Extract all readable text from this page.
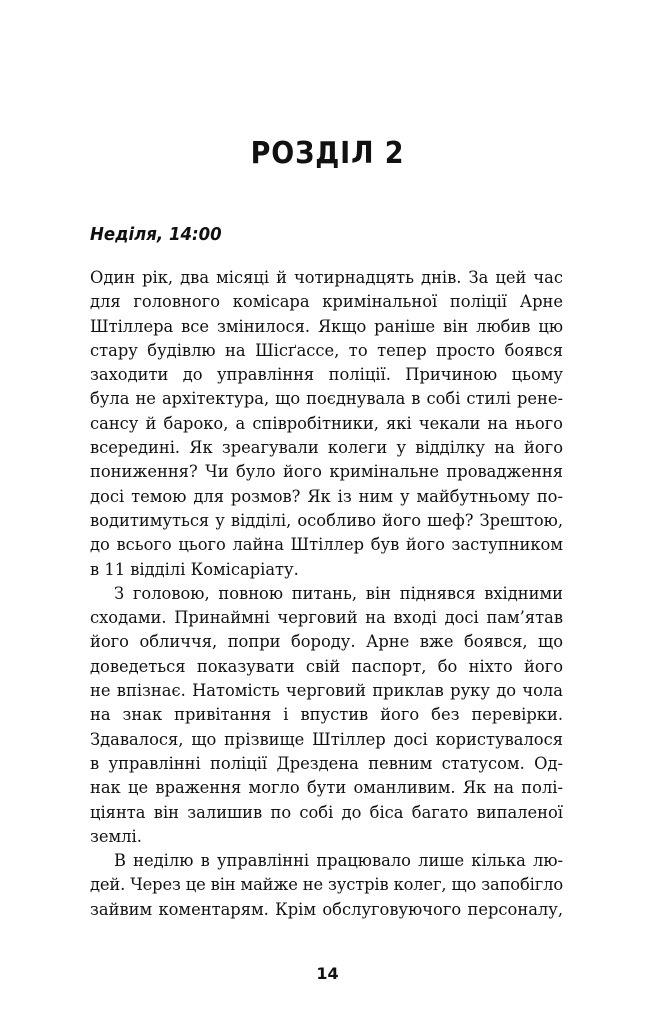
РОЗДІЛ 2
Неділя, 14:00
Один рік, два місяці й чотирнадцять днів. За цей час
для головного комісара кримінальної поліції Арне
Штіллера все змінилося. Якщо раніше він любив цю
стару будівлю на Шісґассе, то тепер просто боявся
заходити до управління поліції. Причиною цьому
була не архітектура, що поєднувала в собі стилі ренe-
сансу й бароко, а співробітники, які чекали на нього
всередині. Як зреагували колеги у відділку на його
пониження? Чи було його кримінальне провадження
досі темою для розмов? Як із ним у майбутньому по-
водитимуться у відділі, особливо його шеф? Зрештою,
до всього цього лайна Штіллер був його заступником
в 11 відділі Комісаріату.
З головою, повною питань, він піднявся вхідними
сходами. Принаймні черговий на вході досі пам’ятав
його обличчя, попри бороду. Арне вже боявся, що
доведеться показувати свій паспорт, бо ніхто його
не впізнає. Натомість черговий приклав руку до чола
на знак привітання і впустив його без перевірки.
Здавалося, що прізвище Штіллер досі користувалося
в управлінні поліції Дрездена певним статусом. Од-
нак це враження могло бути оманливим. Як на полі-
ціянта він залишив по собі до біса багато випаленої
землі.
В неділю в управлінні працювало лише кілька лю-
дей. Через це він майже не зустрів колег, що запобігло
зайвим коментарям. Крім обслуговуючого персоналу,
14
